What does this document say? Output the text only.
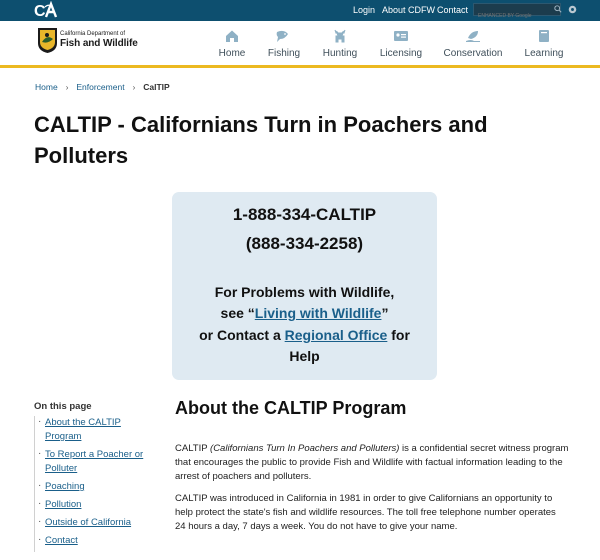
C	Login About CDFW Contact
ENHANCED BY Google
California Department of
Fish and Wildlife
Home Fishing Hunting Licensing Conservation Learning
Home › Enforcement › CalTIP
CALTIP - Californians Turn in Poachers and Polluters
1-888-334-CALTIP
(888-334-2258)
For Problems with Wildlife,
see “Living with Wildlife”
or Contact a Regional Office for
Help
On this page
· About the CALTIP
Program
· To Report a Poacher or
Polluter
· Poaching
· Pollution
· Outside of California
· Contact
About the CALTIP Program
CALTIP (Californians Turn In Poachers and Polluters) is a confidential secret witness program
that encourages the public to provide Fish and Wildlife with factual information leading to the
arrest of poachers and polluters.
CALTIP was introduced in California in 1981 in order to give Californians an opportunity to
help protect the state's fish and wildlife resources. The toll free telephone number operates
24 hours a day, 7 days a week. You do not have to give your name.
